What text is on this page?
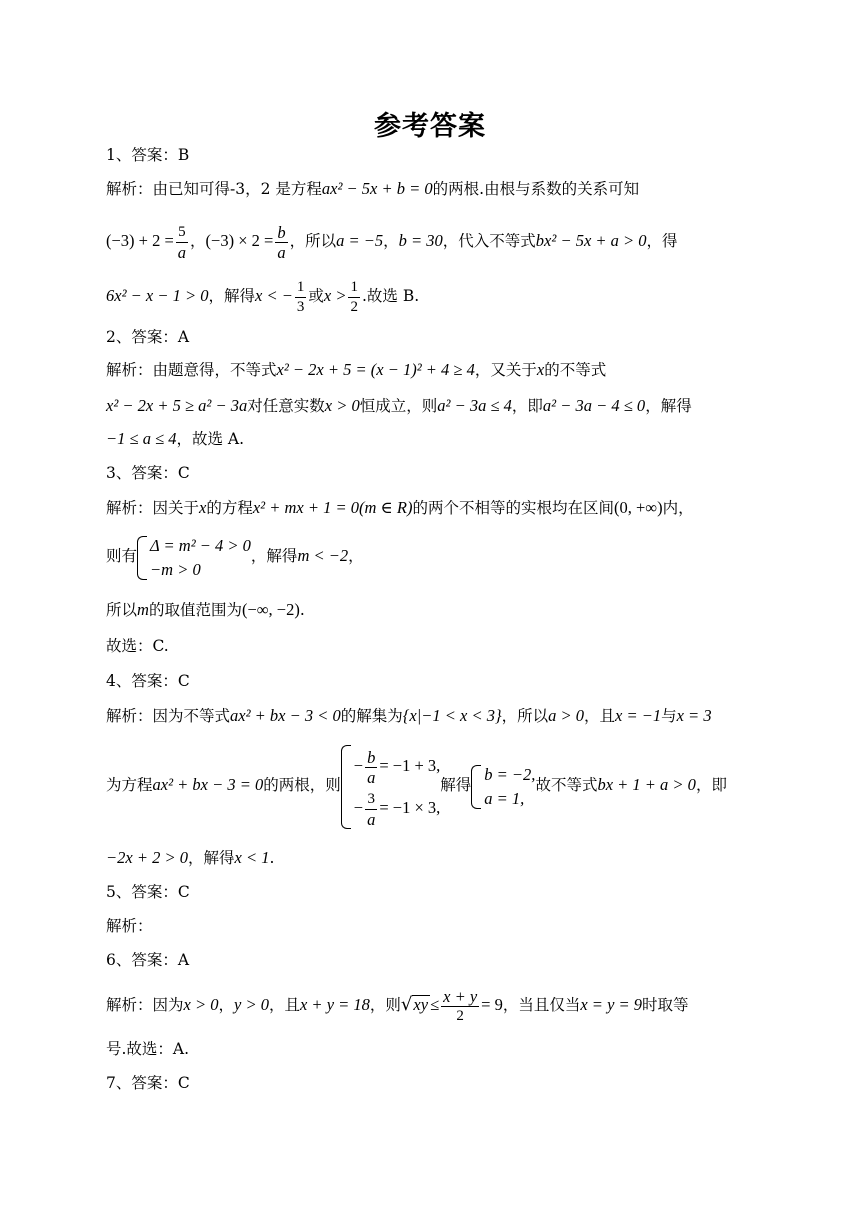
参考答案
1、答案：B
解析：由已知可得-3，2 是方程ax² − 5x + b = 0的两根.由根与系数的关系可知
$(-3) + 2 = \frac{5}{a}$ ，$(-3) \times 2 = \frac{b}{a}$ ，所以a = −5，b = 30，代入不等式bx² − 5x + a > 0，得
6x² − x − 1 > 0，解得x < − $\frac{1}{3}$ 或$x > \frac{1}{2}$ .故选 B.
2、答案：A
解析：由题意得，不等式x² − 2x + 5 = (x − 1)² + 4 ≥ 4，又关于x的不等式
x² − 2x + 5 ≥ a² − 3a对任意实数x > 0恒成立，则a² − 3a ≤ 4，即a² − 3a − 4 ≤ 0，解得
−1 ≤ a ≤ 4，故选 A.
3、答案：C
解析：因关于x的方程x² + mx + 1 = 0(m ∈ R)的两个不相等的实根均在区间(0, +∞)内，
则有
Δ = m² − 4 > 0
−m > 0
，解得m < −2，
所以m的取值范围为(−∞, −2).
故选：C.
4、答案：C
解析：因为不等式ax² + bx − 3 < 0的解集为{x|−1 < x < 3}，所以a > 0，且x = −1与x = 3
为方程ax² + bx − 3 = 0的两根，则
− $\frac{b}{a} = -1 + 3$,
− $\frac{3}{a} = -1 \times 3$,
解得
b = −2,
a = 1,
故不等式bx + 1 + a > 0，即
−2x + 2 > 0，解得x < 1.
5、答案：C
解析：
6、答案：A
解析：因为x > 0，y > 0，且x + y = 18，则$√xy \le \frac{x + y}{2} = 9$，当且仅当x = y = 9时取等
号.故选：A.
7、答案：C
